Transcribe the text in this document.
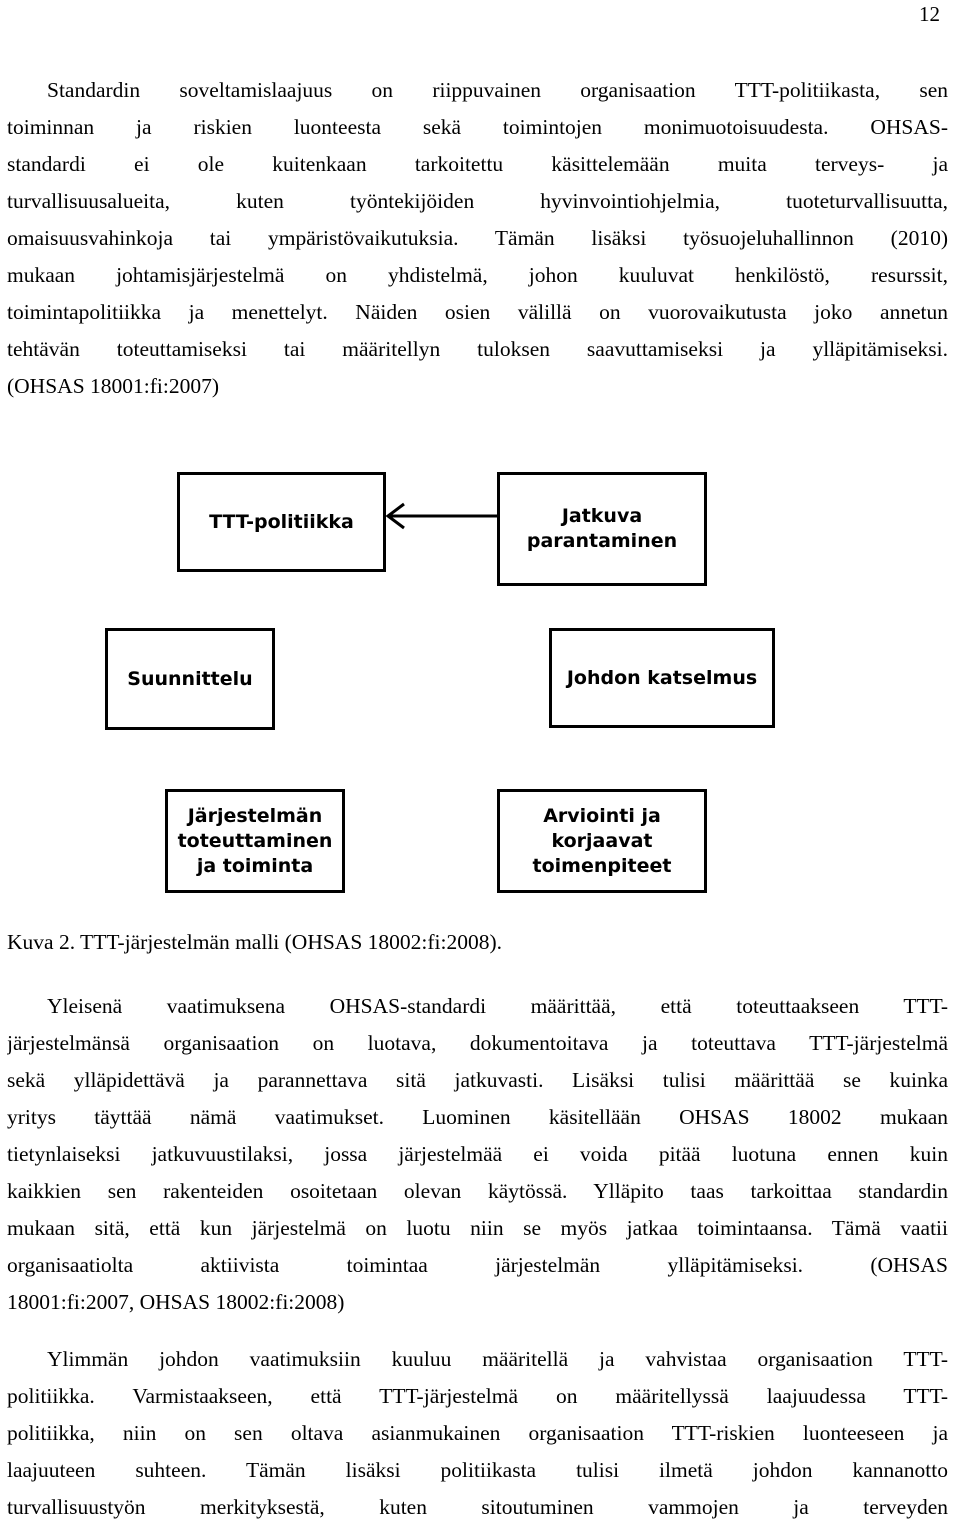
12
Standardin soveltamislaajuus on riippuvainen organisaation TTT-politiikasta, sen
toiminnan ja riskien luonteesta sekä toimintojen monimuotoisuudesta. OHSAS-
standardi ei ole kuitenkaan tarkoitettu käsittelemään muita terveys- ja
turvallisuusalueita, kuten työntekijöiden hyvinvointiohjelmia, tuoteturvallisuutta,
omaisuusvahinkoja tai ympäristövaikutuksia. Tämän lisäksi työsuojeluhallinnon (2010)
mukaan johtamisjärjestelmä on yhdistelmä, johon kuuluvat henkilöstö, resurssit,
toimintapolitiikka ja menettelyt. Näiden osien välillä on vuorovaikutusta joko annetun
tehtävän toteuttamiseksi tai määritellyn tuloksen saavuttamiseksi ja ylläpitämiseksi.
(OHSAS 18001:fi:2007)
TTT-politiikka	Jatkuva
parantaminen
Suunnittelu	Johdon katselmus
Järjestelmän
toteuttaminen
ja toiminta
Arviointi ja
korjaavat
toimenpiteet
Kuva 2. TTT-järjestelmän malli (OHSAS 18002:fi:2008).
Yleisenä vaatimuksena OHSAS-standardi määrittää, että toteuttaakseen TTT-
järjestelmänsä organisaation on luotava, dokumentoitava ja toteuttava TTT-järjestelmä
sekä ylläpidettävä ja parannettava sitä jatkuvasti. Lisäksi tulisi määrittää se kuinka
yritys täyttää nämä vaatimukset. Luominen käsitellään OHSAS 18002 mukaan
tietynlaiseksi jatkuvuustilaksi, jossa järjestelmää ei voida pitää luotuna ennen kuin
kaikkien sen rakenteiden osoitetaan olevan käytössä. Ylläpito taas tarkoittaa standardin
mukaan sitä, että kun järjestelmä on luotu niin se myös jatkaa toimintaansa. Tämä vaatii
organisaatiolta aktiivista toimintaa järjestelmän ylläpitämiseksi. (OHSAS
18001:fi:2007, OHSAS 18002:fi:2008)
Ylimmän johdon vaatimuksiin kuuluu määritellä ja vahvistaa organisaation TTT-
politiikka. Varmistaakseen, että TTT-järjestelmä on määritellyssä laajuudessa TTT-
politiikka, niin on sen oltava asianmukainen organisaation TTT-riskien luonteeseen ja
laajuuteen suhteen. Tämän lisäksi politiikasta tulisi ilmetä johdon kannanotto
turvallisuustyön merkityksestä, kuten sitoutuminen vammojen ja terveyden
